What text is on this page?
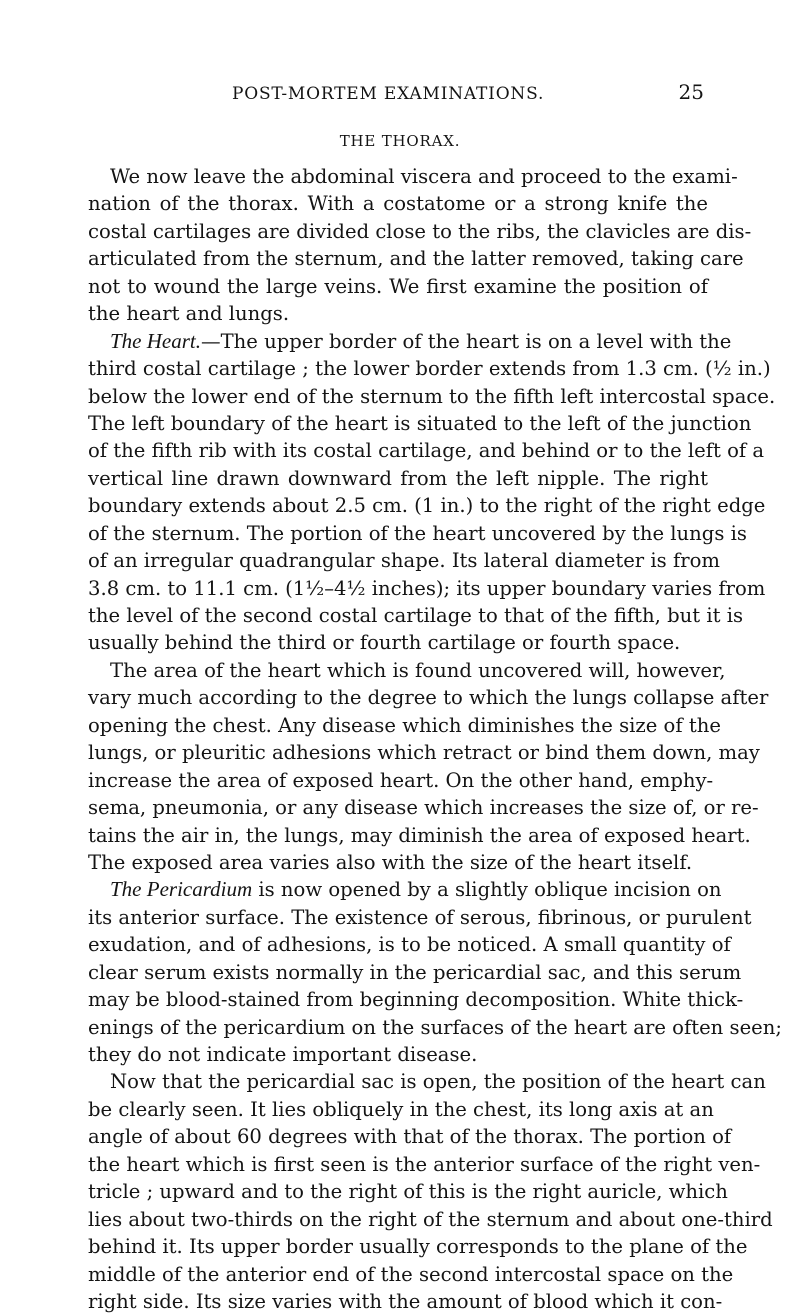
POST-MORTEM EXAMINATIONS.	25
THE THORAX.
We now leave the abdominal viscera and proceed to the exami-
nation of the thorax. With a costatome or a strong knife the
costal cartilages are divided close to the ribs, the clavicles are dis-
articulated from the sternum, and the latter removed, taking care
not to wound the large veins. We first examine the position of
the heart and lungs.
The Heart.—The upper border of the heart is on a level with the
third costal cartilage ; the lower border extends from 1.3 cm. (½ in.)
below the lower end of the sternum to the fifth left intercostal space.
The left boundary of the heart is situated to the left of the junction
of the fifth rib with its costal cartilage, and behind or to the left of a
vertical line drawn downward from the left nipple. The right
boundary extends about 2.5 cm. (1 in.) to the right of the right edge
of the sternum. The portion of the heart uncovered by the lungs is
of an irregular quadrangular shape. Its lateral diameter is from
3.8 cm. to 11.1 cm. (1½–4½ inches); its upper boundary varies from
the level of the second costal cartilage to that of the fifth, but it is
usually behind the third or fourth cartilage or fourth space.
The area of the heart which is found uncovered will, however,
vary much according to the degree to which the lungs collapse after
opening the chest. Any disease which diminishes the size of the
lungs, or pleuritic adhesions which retract or bind them down, may
increase the area of exposed heart. On the other hand, emphy-
sema, pneumonia, or any disease which increases the size of, or re-
tains the air in, the lungs, may diminish the area of exposed heart.
The exposed area varies also with the size of the heart itself.
The Pericardium is now opened by a slightly oblique incision on
its anterior surface. The existence of serous, fibrinous, or purulent
exudation, and of adhesions, is to be noticed. A small quantity of
clear serum exists normally in the pericardial sac, and this serum
may be blood-stained from beginning decomposition. White thick-
enings of the pericardium on the surfaces of the heart are often seen;
they do not indicate important disease.
Now that the pericardial sac is open, the position of the heart can
be clearly seen. It lies obliquely in the chest, its long axis at an
angle of about 60 degrees with that of the thorax. The portion of
the heart which is first seen is the anterior surface of the right ven-
tricle ; upward and to the right of this is the right auricle, which
lies about two-thirds on the right of the sternum and about one-third
behind it. Its upper border usually corresponds to the plane of the
middle of the anterior end of the second intercostal space on the
right side. Its size varies with the amount of blood which it con-
